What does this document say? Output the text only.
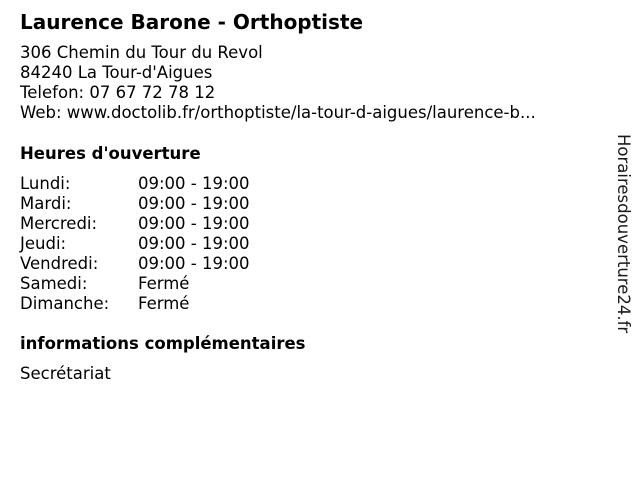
Laurence Barone - Orthoptiste
306 Chemin du Tour du Revol
84240 La Tour-d'Aigues
Telefon: 07 67 72 78 12
Web: www.doctolib.fr/orthoptiste/la-tour-d-aigues/laurence-b...
Heures d'ouverture
Lundi:	09:00 - 19:00
Mardi:	09:00 - 19:00
Mercredi: 09:00 - 19:00
Jeudi:	09:00 - 19:00
Vendredi: 09:00 - 19:00
Samedi:	Fermé
Dimanche: Fermé
informations complémentaires
Secrétariat
Horairesdouverture24.fr
